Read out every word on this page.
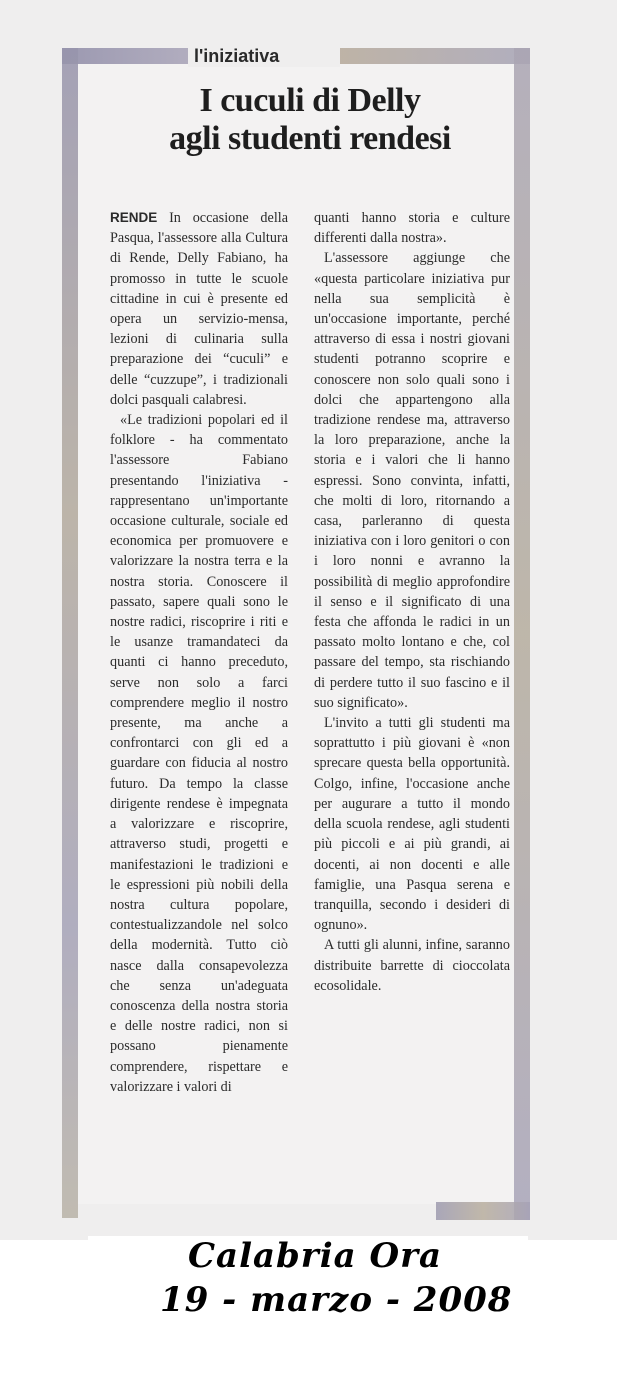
l'iniziativa
I cuculi di Delly
agli studenti rendesi

RENDE In occasione della Pasqua, l'assessore alla Cultura di Rende, Delly Fabiano, ha promosso in tutte le scuole cittadine in cui è presente ed opera un servizio-mensa, lezioni di culinaria sulla preparazione dei “cuculi” e delle “cuzzupe”, i tradizionali dolci pasquali calabresi.

«Le tradizioni popolari ed il folklore - ha commentato l'assessore Fabiano presentando l'iniziativa - rappresentano un'importante occasione culturale, sociale ed economica per promuovere e valorizzare la nostra terra e la nostra storia. Conoscere il passato, sapere quali sono le nostre radici, riscoprire i riti e le usanze tramandateci da quanti ci hanno preceduto, serve non solo a farci comprendere meglio il nostro presente, ma anche a confrontarci con gli ed a guardare con fiducia al nostro futuro. Da tempo la classe dirigente rendese è impegnata a valorizzare e riscoprire, attraverso studi, progetti e manifestazioni le tradizioni e le espressioni più nobili della nostra cultura popolare, contestualizzandole nel solco della modernità. Tutto ciò nasce dalla consapevolezza che senza un'adeguata conoscenza della nostra storia e delle nostre radici, non si possano pienamente comprendere, rispettare e valorizzare i valori di

quanti hanno storia e culture differenti dalla nostra».

L'assessore aggiunge che «questa particolare iniziativa pur nella sua semplicità è un'occasione importante, perché attraverso di essa i nostri giovani studenti potranno scoprire e conoscere non solo quali sono i dolci che appartengono alla tradizione rendese ma, attraverso la loro preparazione, anche la storia e i valori che li hanno espressi. Sono convinta, infatti, che molti di loro, ritornando a casa, parleranno di questa iniziativa con i loro genitori o con i loro nonni e avranno la possibilità di meglio approfondire il senso e il significato di una festa che affonda le radici in un passato molto lontano e che, col passare del tempo, sta rischiando di perdere tutto il suo fascino e il suo significato».

L'invito a tutti gli studenti ma soprattutto i più giovani è «non sprecare questa bella opportunità. Colgo, infine, l'occasione anche per augurare a tutto il mondo della scuola rendese, agli studenti più piccoli e ai più grandi, ai docenti, ai non docenti e alle famiglie, una Pasqua serena e tranquilla, secondo i desideri di ognuno».

A tutti gli alunni, infine, saranno distribuite barrette di cioccolata ecosolidale.

Calabria Ora
19 - marzo - 2008
